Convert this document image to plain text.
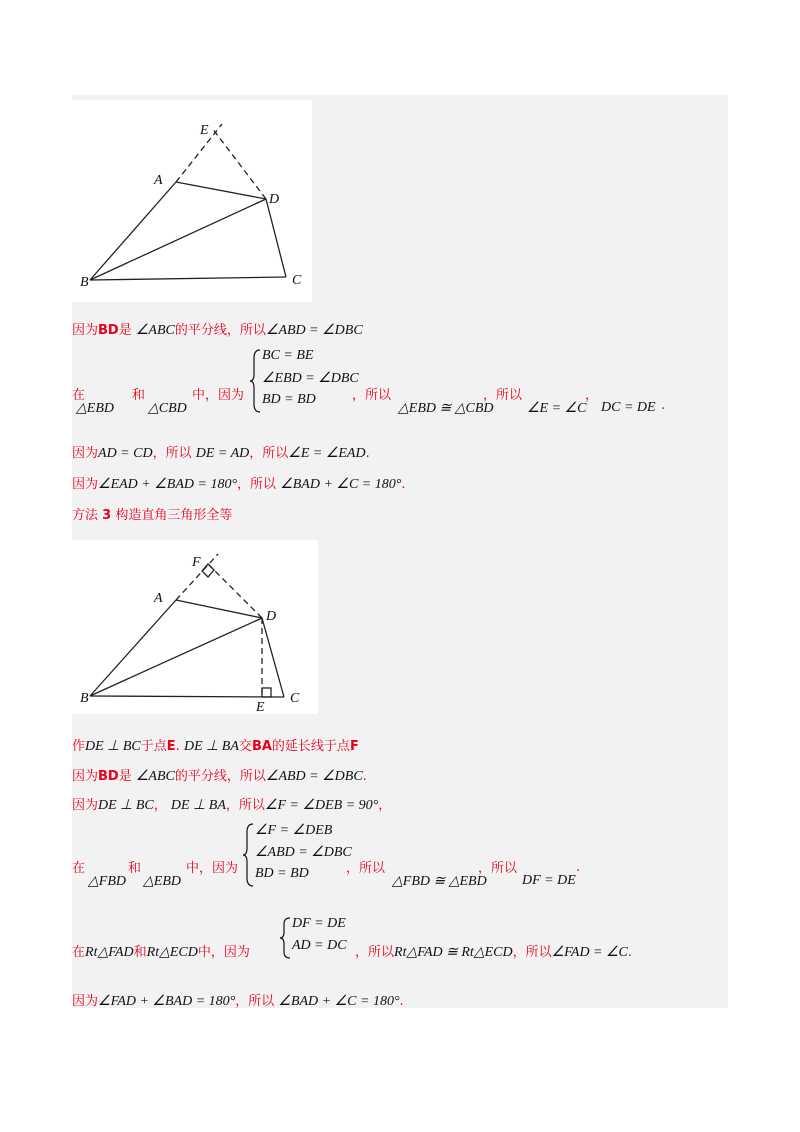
E
A
D
B	C
因为BD是 ∠ABC的平分线，所以∠ABD = ∠DBC
在
△EBD
和
△CBD
中，因为
BC = BE
∠EBD = ∠DBC
BD = BD	，所以
△EBD ≅ △CBD
，所以
∠E = ∠C
，
DC = DE .
因为AD = CD，所以 DE = AD，所以∠E = ∠EAD.
因为∠EAD + ∠BAD = 180°，所以 ∠BAD + ∠C = 180°.
方法 3 构造直角三角形全等
F
A
D
B	C
E
作DE ⊥ BC于点E. DE ⊥ BA交BA的延长线于点F
因为BD是 ∠ABC的平分线，所以∠ABD = ∠DBC.
因为DE ⊥ BC， DE ⊥ BA，所以∠F = ∠DEB = 90°，
在
△FBD
和
△EBD
中，因为
∠F = ∠DEB
∠ABD = ∠DBC
BD = BD	，所以
△FBD ≅ △EBD
，所以
DF = DE
.
在Rt△FAD和Rt△ECD中，因为
DF = DE
AD = DC ，所以Rt△FAD ≅ Rt△ECD，所以∠FAD = ∠C.
因为∠FAD + ∠BAD = 180°，所以 ∠BAD + ∠C = 180°.
